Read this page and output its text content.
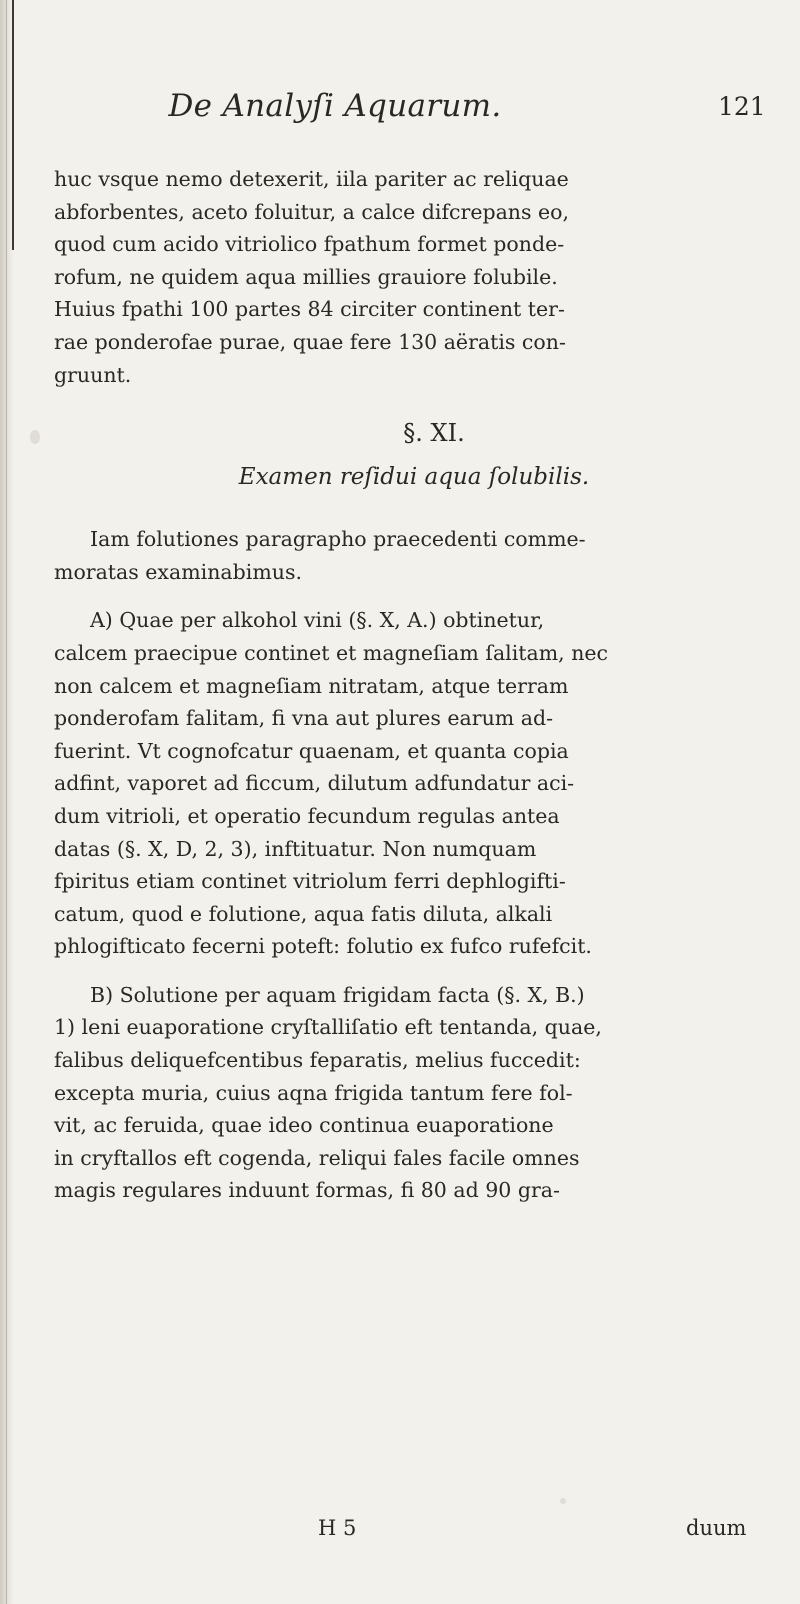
De Analyſi Aquarum.	121
huc vsque nemo detexerit, iila pariter ac reliquae
abforbentes, aceto foluitur, a calce difcrepans eo,
quod cum acido vitriolico fpathum formet ponde-
rofum, ne quidem aqua millies grauiore folubile.
Huius fpathi 100 partes 84 circiter continent ter-
rae ponderofae purae, quae fere 130 aëratis con-
gruunt.
§. XI.
Examen reſidui aqua ſolubilis.
Iam folutiones paragrapho praecedenti comme-
moratas examinabimus.
A) Quae per alkohol vini (§. X, A.) obtinetur,
calcem praecipue continet et magneſiam ſalitam, nec
non calcem et magneſiam nitratam, atque terram
ponderofam falitam, fi vna aut plures earum ad-
fuerint. Vt cognofcatur quaenam, et quanta copia
adfint, vaporet ad ficcum, dilutum adfundatur aci-
dum vitrioli, et operatio fecundum regulas antea
datas (§. X, D, 2, 3), inftituatur. Non numquam
fpiritus etiam continet vitriolum ferri dephlogifti-
catum, quod e folutione, aqua fatis diluta, alkali
phlogifticato fecerni poteft: folutio ex fufco rufefcit.
B) Solutione per aquam frigidam facta (§. X, B.)
1) leni euaporatione cryſtalliſatio eft tentanda, quae,
falibus deliquefcentibus feparatis, melius fuccedit:
excepta muria, cuius aqna frigida tantum fere fol-
vit, ac feruida, quae ideo continua euaporatione
in cryftallos eft cogenda, reliqui fales facile omnes
magis regulares induunt formas, fi 80 ad 90 gra-
H 5	duum
